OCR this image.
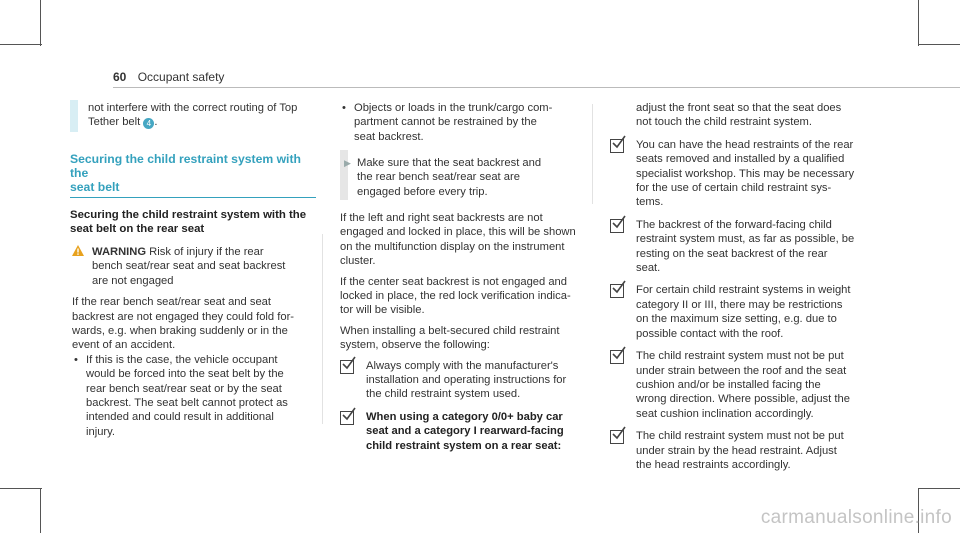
60 Occupant safety
not interfere with the correct routing of Top
Tether belt 4 .
Securing the child restraint system with the
seat belt
Securing the child restraint system with the
seat belt on the rear seat
WARNING Risk of injury if the rear
bench seat/rear seat and seat backrest
are not engaged
If the rear bench seat/rear seat and seat
backrest are not engaged they could fold for-
wards, e.g. when braking suddenly or in the
event of an accident.
• If this is the case, the vehicle occupant
would be forced into the seat belt by the
rear bench seat/rear seat or by the seat
backrest. The seat belt cannot protect as
intended and could result in additional
injury.
• Objects or loads in the trunk/cargo com-
partment cannot be restrained by the
seat backrest.
▶ Make sure that the seat backrest and
the rear bench seat/rear seat are
engaged before every trip.

If the left and right seat backrests are not
engaged and locked in place, this will be shown
on the multifunction display on the instrument
cluster.

If the center seat backrest is not engaged and
locked in place, the red lock verification indica-
tor will be visible.

When installing a belt-secured child restraint
system, observe the following:

Always comply with the manufacturer's
installation and operating instructions for
the child restraint system used.
When using a category 0/0+ baby car
seat and a category I rearward-facing
child restraint system on a rear seat:
adjust the front seat so that the seat does
not touch the child restraint system.
You can have the head restraints of the rear
seats removed and installed by a qualified
specialist workshop. This may be necessary
for the use of certain child restraint sys-
tems.
The backrest of the forward-facing child
restraint system must, as far as possible, be
resting on the seat backrest of the rear
seat.
For certain child restraint systems in weight
category II or III, there may be restrictions
on the maximum size setting, e.g. due to
possible contact with the roof.
The child restraint system must not be put
under strain between the roof and the seat
cushion and/or be installed facing the
wrong direction. Where possible, adjust the
seat cushion inclination accordingly.
The child restraint system must not be put
under strain by the head restraint. Adjust
the head restraints accordingly.
carmanualsonline.info
